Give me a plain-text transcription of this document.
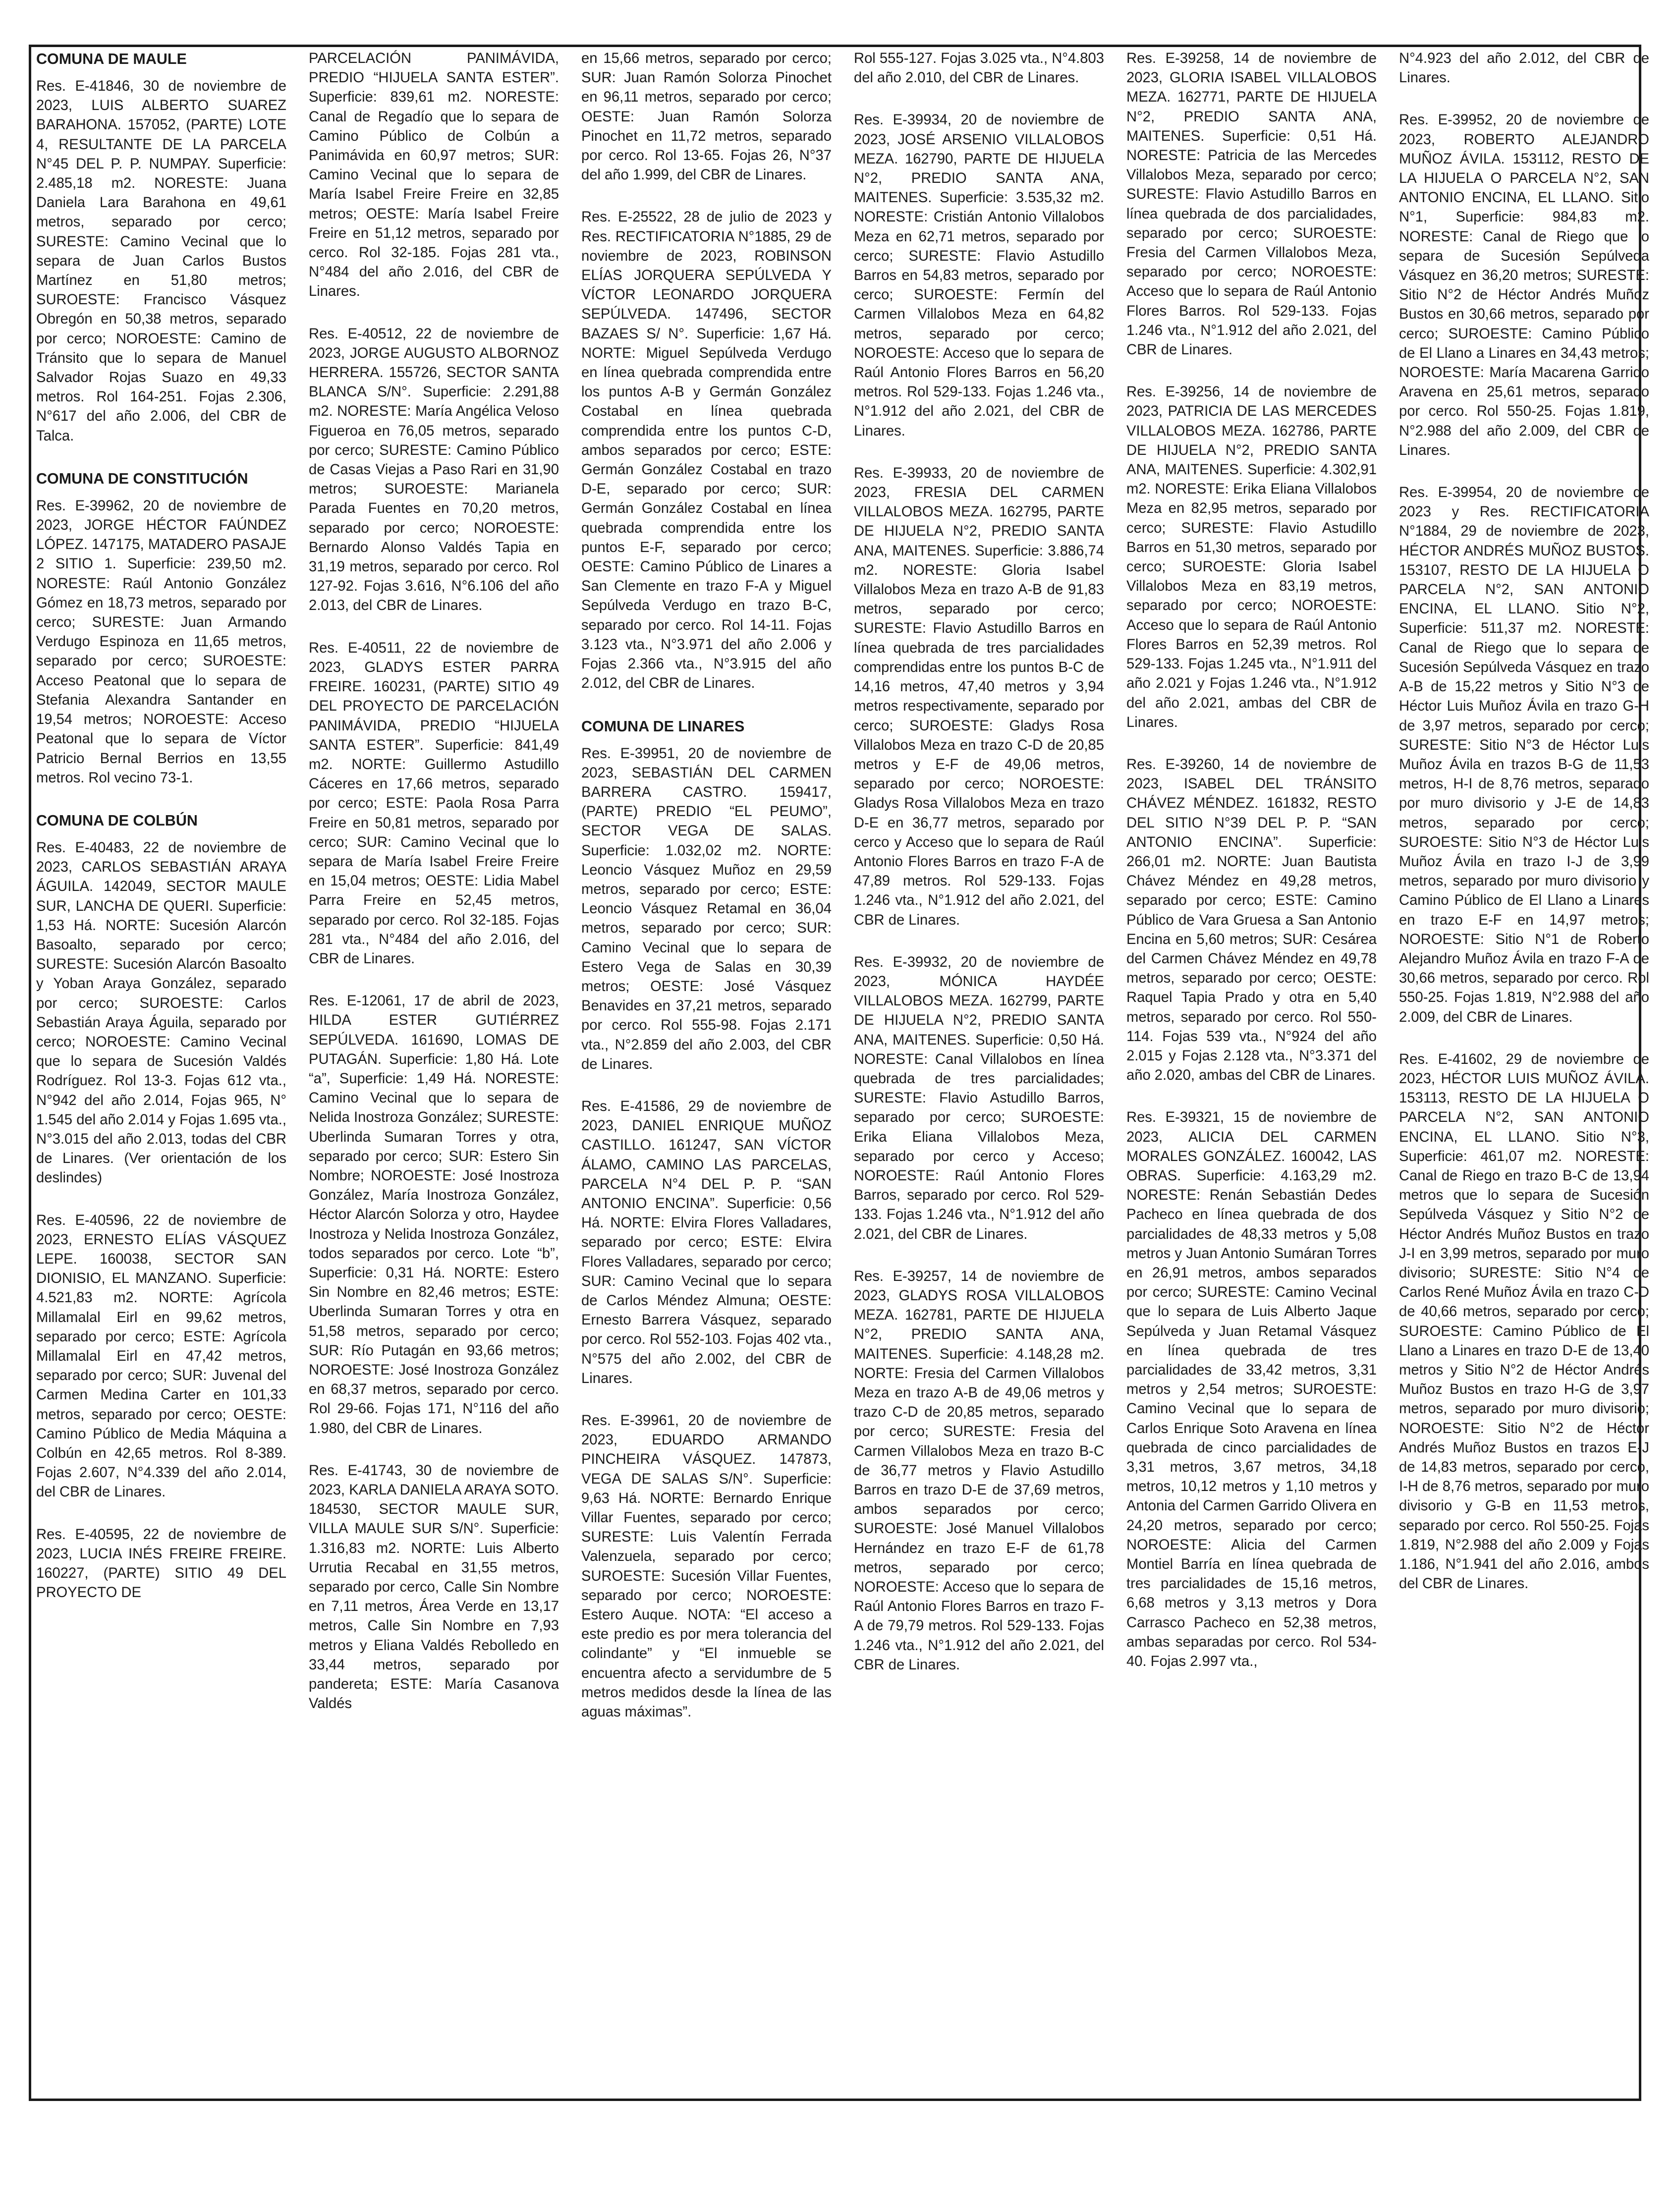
COMUNA DE MAULE
Res. E-41846, 30 de noviembre de 2023, LUIS ALBERTO SUAREZ BARAHONA. 157052, (PARTE) LOTE 4, RESULTANTE DE LA PARCELA N°45 DEL P. P. NUMPAY. Superficie: 2.485,18 m2. NORESTE: Juana Daniela Lara Barahona en 49,61 metros, separado por cerco; SURESTE: Camino Vecinal que lo separa de Juan Carlos Bustos Martínez en 51,80 metros; SUROESTE: Francisco Vásquez Obregón en 50,38 metros, separado por cerco; NOROESTE: Camino de Tránsito que lo separa de Manuel Salvador Rojas Suazo en 49,33 metros. Rol 164-251. Fojas 2.306, N°617 del año 2.006, del CBR de Talca.
COMUNA DE CONSTITUCIÓN
Res. E-39962, 20 de noviembre de 2023, JORGE HÉCTOR FAÚNDEZ LÓPEZ. 147175, MATADERO PASAJE 2 SITIO 1. Superficie: 239,50 m2. NORESTE: Raúl Antonio González Gómez en 18,73 metros, separado por cerco; SURESTE: Juan Armando Verdugo Espinoza en 11,65 metros, separado por cerco; SUROESTE: Acceso Peatonal que lo separa de Stefania Alexandra Santander en 19,54 metros; NOROESTE: Acceso Peatonal que lo separa de Víctor Patricio Bernal Berrios en 13,55 metros. Rol vecino 73-1.
COMUNA DE COLBÚN
Res. E-40483, 22 de noviembre de 2023, CARLOS SEBASTIÁN ARAYA ÁGUILA. 142049, SECTOR MAULE SUR, LANCHA DE QUERI. Superficie: 1,53 Há. NORTE: Sucesión Alarcón Basoalto, separado por cerco; SURESTE: Sucesión Alarcón Basoalto y Yoban Araya González, separado por cerco; SUROESTE: Carlos Sebastián Araya Águila, separado por cerco; NOROESTE: Camino Vecinal que lo separa de Sucesión Valdés Rodríguez. Rol 13-3. Fojas 612 vta., N°942 del año 2.014, Fojas 965, N° 1.545 del año 2.014 y Fojas 1.695 vta., N°3.015 del año 2.013, todas del CBR de Linares. (Ver orientación de los deslindes)
Res. E-40596, 22 de noviembre de 2023, ERNESTO ELÍAS VÁSQUEZ LEPE. 160038, SECTOR SAN DIONISIO, EL MANZANO. Superficie: 4.521,83 m2. NORTE: Agrícola Millamalal Eirl en 99,62 metros, separado por cerco; ESTE: Agrícola Millamalal Eirl en 47,42 metros, separado por cerco; SUR: Juvenal del Carmen Medina Carter en 101,33 metros, separado por cerco; OESTE: Camino Público de Media Máquina a Colbún en 42,65 metros. Rol 8-389. Fojas 2.607, N°4.339 del año 2.014, del CBR de Linares.
Res. E-40595, 22 de noviembre de 2023, LUCIA INÉS FREIRE FREIRE. 160227, (PARTE) SITIO 49 DEL PROYECTO DE
PARCELACIÓN PANIMÁVIDA, PREDIO “HIJUELA SANTA ESTER”. Superficie: 839,61 m2. NORESTE: Canal de Regadío que lo separa de Camino Público de Colbún a Panimávida en 60,97 metros; SUR: Camino Vecinal que lo separa de María Isabel Freire Freire en 32,85 metros; OESTE: María Isabel Freire Freire en 51,12 metros, separado por cerco. Rol 32-185. Fojas 281 vta., N°484 del año 2.016, del CBR de Linares.
Res. E-40512, 22 de noviembre de 2023, JORGE AUGUSTO ALBORNOZ HERRERA. 155726, SECTOR SANTA BLANCA S/N°. Superficie: 2.291,88 m2. NORESTE: María Angélica Veloso Figueroa en 76,05 metros, separado por cerco; SURESTE: Camino Público de Casas Viejas a Paso Rari en 31,90 metros; SUROESTE: Marianela Parada Fuentes en 70,20 metros, separado por cerco; NOROESTE: Bernardo Alonso Valdés Tapia en 31,19 metros, separado por cerco. Rol 127-92. Fojas 3.616, N°6.106 del año 2.013, del CBR de Linares.
Res. E-40511, 22 de noviembre de 2023, GLADYS ESTER PARRA FREIRE. 160231, (PARTE) SITIO 49 DEL PROYECTO DE PARCELACIÓN PANIMÁVIDA, PREDIO “HIJUELA SANTA ESTER”. Superficie: 841,49 m2. NORTE: Guillermo Astudillo Cáceres en 17,66 metros, separado por cerco; ESTE: Paola Rosa Parra Freire en 50,81 metros, separado por cerco; SUR: Camino Vecinal que lo separa de María Isabel Freire Freire en 15,04 metros; OESTE: Lidia Mabel Parra Freire en 52,45 metros, separado por cerco. Rol 32-185. Fojas 281 vta., N°484 del año 2.016, del CBR de Linares.
Res. E-12061, 17 de abril de 2023, HILDA ESTER GUTIÉRREZ SEPÚLVEDA. 161690, LOMAS DE PUTAGÁN. Superficie: 1,80 Há. Lote “a”, Superficie: 1,49 Há. NORESTE: Camino Vecinal que lo separa de Nelida Inostroza González; SURESTE: Uberlinda Sumaran Torres y otra, separado por cerco; SUR: Estero Sin Nombre; NOROESTE: José Inostroza González, María Inostroza González, Héctor Alarcón Solorza y otro, Haydee Inostroza y Nelida Inostroza González, todos separados por cerco. Lote “b”, Superficie: 0,31 Há. NORTE: Estero Sin Nombre en 82,46 metros; ESTE: Uberlinda Sumaran Torres y otra en 51,58 metros, separado por cerco; SUR: Río Putagán en 93,66 metros; NOROESTE: José Inostroza González en 68,37 metros, separado por cerco. Rol 29-66. Fojas 171, N°116 del año 1.980, del CBR de Linares.
Res. E-41743, 30 de noviembre de 2023, KARLA DANIELA ARAYA SOTO. 184530, SECTOR MAULE SUR, VILLA MAULE SUR S/N°. Superficie: 1.316,83 m2. NORTE: Luis Alberto Urrutia Recabal en 31,55 metros, separado por cerco, Calle Sin Nombre en 7,11 metros, Área Verde en 13,17 metros, Calle Sin Nombre en 7,93 metros y Eliana Valdés Rebolledo en 33,44 metros, separado por pandereta; ESTE: María Casanova Valdés
en 15,66 metros, separado por cerco; SUR: Juan Ramón Solorza Pinochet en 96,11 metros, separado por cerco; OESTE: Juan Ramón Solorza Pinochet en 11,72 metros, separado por cerco. Rol 13-65. Fojas 26, N°37 del año 1.999, del CBR de Linares.
Res. E-25522, 28 de julio de 2023 y Res. RECTIFICATORIA N°1885, 29 de noviembre de 2023, ROBINSON ELÍAS JORQUERA SEPÚLVEDA Y VÍCTOR LEONARDO JORQUERA SEPÚLVEDA. 147496, SECTOR BAZAES S/ N°. Superficie: 1,67 Há. NORTE: Miguel Sepúlveda Verdugo en línea quebrada comprendida entre los puntos A-B y Germán González Costabal en línea quebrada comprendida entre los puntos C-D, ambos separados por cerco; ESTE: Germán González Costabal en trazo D-E, separado por cerco; SUR: Germán González Costabal en línea quebrada comprendida entre los puntos E-F, separado por cerco; OESTE: Camino Público de Linares a San Clemente en trazo F-A y Miguel Sepúlveda Verdugo en trazo B-C, separado por cerco. Rol 14-11. Fojas 3.123 vta., N°3.971 del año 2.006 y Fojas 2.366 vta., N°3.915 del año 2.012, del CBR de Linares.
COMUNA DE LINARES
Res. E-39951, 20 de noviembre de 2023, SEBASTIÁN DEL CARMEN BARRERA CASTRO. 159417, (PARTE) PREDIO “EL PEUMO”, SECTOR VEGA DE SALAS. Superficie: 1.032,02 m2. NORTE: Leoncio Vásquez Muñoz en 29,59 metros, separado por cerco; ESTE: Leoncio Vásquez Retamal en 36,04 metros, separado por cerco; SUR: Camino Vecinal que lo separa de Estero Vega de Salas en 30,39 metros; OESTE: José Vásquez Benavides en 37,21 metros, separado por cerco. Rol 555-98. Fojas 2.171 vta., N°2.859 del año 2.003, del CBR de Linares.
Res. E-41586, 29 de noviembre de 2023, DANIEL ENRIQUE MUÑOZ CASTILLO. 161247, SAN VÍCTOR ÁLAMO, CAMINO LAS PARCELAS, PARCELA N°4 DEL P. P. “SAN ANTONIO ENCINA”. Superficie: 0,56 Há. NORTE: Elvira Flores Valladares, separado por cerco; ESTE: Elvira Flores Valladares, separado por cerco; SUR: Camino Vecinal que lo separa de Carlos Méndez Almuna; OESTE: Ernesto Barrera Vásquez, separado por cerco. Rol 552-103. Fojas 402 vta., N°575 del año 2.002, del CBR de Linares.
Res. E-39961, 20 de noviembre de 2023, EDUARDO ARMANDO PINCHEIRA VÁSQUEZ. 147873, VEGA DE SALAS S/N°. Superficie: 9,63 Há. NORTE: Bernardo Enrique Villar Fuentes, separado por cerco; SURESTE: Luis Valentín Ferrada Valenzuela, separado por cerco; SUROESTE: Sucesión Villar Fuentes, separado por cerco; NOROESTE: Estero Auque. NOTA: “El acceso a este predio es por mera tolerancia del colindante” y “El inmueble se encuentra afecto a servidumbre de 5 metros medidos desde la línea de las aguas máximas”.
Rol 555-127. Fojas 3.025 vta., N°4.803 del año 2.010, del CBR de Linares.
Res. E-39934, 20 de noviembre de 2023, JOSÉ ARSENIO VILLALOBOS MEZA. 162790, PARTE DE HIJUELA N°2, PREDIO SANTA ANA, MAITENES. Superficie: 3.535,32 m2. NORESTE: Cristián Antonio Villalobos Meza en 62,71 metros, separado por cerco; SURESTE: Flavio Astudillo Barros en 54,83 metros, separado por cerco; SUROESTE: Fermín del Carmen Villalobos Meza en 64,82 metros, separado por cerco; NOROESTE: Acceso que lo separa de Raúl Antonio Flores Barros en 56,20 metros. Rol 529-133. Fojas 1.246 vta., N°1.912 del año 2.021, del CBR de Linares.
Res. E-39933, 20 de noviembre de 2023, FRESIA DEL CARMEN VILLALOBOS MEZA. 162795, PARTE DE HIJUELA N°2, PREDIO SANTA ANA, MAITENES. Superficie: 3.886,74 m2. NORESTE: Gloria Isabel Villalobos Meza en trazo A-B de 91,83 metros, separado por cerco; SURESTE: Flavio Astudillo Barros en línea quebrada de tres parcialidades comprendidas entre los puntos B-C de 14,16 metros, 47,40 metros y 3,94 metros respectivamente, separado por cerco; SUROESTE: Gladys Rosa Villalobos Meza en trazo C-D de 20,85 metros y E-F de 49,06 metros, separado por cerco; NOROESTE: Gladys Rosa Villalobos Meza en trazo D-E en 36,77 metros, separado por cerco y Acceso que lo separa de Raúl Antonio Flores Barros en trazo F-A de 47,89 metros. Rol 529-133. Fojas 1.246 vta., N°1.912 del año 2.021, del CBR de Linares.
Res. E-39932, 20 de noviembre de 2023, MÓNICA HAYDÉE VILLALOBOS MEZA. 162799, PARTE DE HIJUELA N°2, PREDIO SANTA ANA, MAITENES. Superficie: 0,50 Há. NORESTE: Canal Villalobos en línea quebrada de tres parcialidades; SURESTE: Flavio Astudillo Barros, separado por cerco; SUROESTE: Erika Eliana Villalobos Meza, separado por cerco y Acceso; NOROESTE: Raúl Antonio Flores Barros, separado por cerco. Rol 529-133. Fojas 1.246 vta., N°1.912 del año 2.021, del CBR de Linares.
Res. E-39257, 14 de noviembre de 2023, GLADYS ROSA VILLALOBOS MEZA. 162781, PARTE DE HIJUELA N°2, PREDIO SANTA ANA, MAITENES. Superficie: 4.148,28 m2. NORTE: Fresia del Carmen Villalobos Meza en trazo A-B de 49,06 metros y trazo C-D de 20,85 metros, separado por cerco; SURESTE: Fresia del Carmen Villalobos Meza en trazo B-C de 36,77 metros y Flavio Astudillo Barros en trazo D-E de 37,69 metros, ambos separados por cerco; SUROESTE: José Manuel Villalobos Hernández en trazo E-F de 61,78 metros, separado por cerco; NOROESTE: Acceso que lo separa de Raúl Antonio Flores Barros en trazo F-A de 79,79 metros. Rol 529-133. Fojas 1.246 vta., N°1.912 del año 2.021, del CBR de Linares.
Res. E-39258, 14 de noviembre de 2023, GLORIA ISABEL VILLALOBOS MEZA. 162771, PARTE DE HIJUELA N°2, PREDIO SANTA ANA, MAITENES. Superficie: 0,51 Há. NORESTE: Patricia de las Mercedes Villalobos Meza, separado por cerco; SURESTE: Flavio Astudillo Barros en línea quebrada de dos parcialidades, separado por cerco; SUROESTE: Fresia del Carmen Villalobos Meza, separado por cerco; NOROESTE: Acceso que lo separa de Raúl Antonio Flores Barros. Rol 529-133. Fojas 1.246 vta., N°1.912 del año 2.021, del CBR de Linares.
Res. E-39256, 14 de noviembre de 2023, PATRICIA DE LAS MERCEDES VILLALOBOS MEZA. 162786, PARTE DE HIJUELA N°2, PREDIO SANTA ANA, MAITENES. Superficie: 4.302,91 m2. NORESTE: Erika Eliana Villalobos Meza en 82,95 metros, separado por cerco; SURESTE: Flavio Astudillo Barros en 51,30 metros, separado por cerco; SUROESTE: Gloria Isabel Villalobos Meza en 83,19 metros, separado por cerco; NOROESTE: Acceso que lo separa de Raúl Antonio Flores Barros en 52,39 metros. Rol 529-133. Fojas 1.245 vta., N°1.911 del año 2.021 y Fojas 1.246 vta., N°1.912 del año 2.021, ambas del CBR de Linares.
Res. E-39260, 14 de noviembre de 2023, ISABEL DEL TRÁNSITO CHÁVEZ MÉNDEZ. 161832, RESTO DEL SITIO N°39 DEL P. P. “SAN ANTONIO ENCINA”. Superficie: 266,01 m2. NORTE: Juan Bautista Chávez Méndez en 49,28 metros, separado por cerco; ESTE: Camino Público de Vara Gruesa a San Antonio Encina en 5,60 metros; SUR: Cesárea del Carmen Chávez Méndez en 49,78 metros, separado por cerco; OESTE: Raquel Tapia Prado y otra en 5,40 metros, separado por cerco. Rol 550-114. Fojas 539 vta., N°924 del año 2.015 y Fojas 2.128 vta., N°3.371 del año 2.020, ambas del CBR de Linares.
Res. E-39321, 15 de noviembre de 2023, ALICIA DEL CARMEN MORALES GONZÁLEZ. 160042, LAS OBRAS. Superficie: 4.163,29 m2. NORESTE: Renán Sebastián Dedes Pacheco en línea quebrada de dos parcialidades de 48,33 metros y 5,08 metros y Juan Antonio Sumáran Torres en 26,91 metros, ambos separados por cerco; SURESTE: Camino Vecinal que lo separa de Luis Alberto Jaque Sepúlveda y Juan Retamal Vásquez en línea quebrada de tres parcialidades de 33,42 metros, 3,31 metros y 2,54 metros; SUROESTE: Camino Vecinal que lo separa de Carlos Enrique Soto Aravena en línea quebrada de cinco parcialidades de 3,31 metros, 3,67 metros, 34,18 metros, 10,12 metros y 1,10 metros y Antonia del Carmen Garrido Olivera en 24,20 metros, separado por cerco; NOROESTE: Alicia del Carmen Montiel Barría en línea quebrada de tres parcialidades de 15,16 metros, 6,68 metros y 3,13 metros y Dora Carrasco Pacheco en 52,38 metros, ambas separadas por cerco. Rol 534-40. Fojas 2.997 vta.,
N°4.923 del año 2.012, del CBR de Linares.
Res. E-39952, 20 de noviembre de 2023, ROBERTO ALEJANDRO MUÑOZ ÁVILA. 153112, RESTO DE LA HIJUELA O PARCELA N°2, SAN ANTONIO ENCINA, EL LLANO. Sitio N°1, Superficie: 984,83 m2. NORESTE: Canal de Riego que lo separa de Sucesión Sepúlveda Vásquez en 36,20 metros; SURESTE: Sitio N°2 de Héctor Andrés Muñoz Bustos en 30,66 metros, separado por cerco; SUROESTE: Camino Público de El Llano a Linares en 34,43 metros; NOROESTE: María Macarena Garrido Aravena en 25,61 metros, separado por cerco. Rol 550-25. Fojas 1.819, N°2.988 del año 2.009, del CBR de Linares.
Res. E-39954, 20 de noviembre de 2023 y Res. RECTIFICATORIA N°1884, 29 de noviembre de 2023, HÉCTOR ANDRÉS MUÑOZ BUSTOS. 153107, RESTO DE LA HIJUELA O PARCELA N°2, SAN ANTONIO ENCINA, EL LLANO. Sitio N°2, Superficie: 511,37 m2. NORESTE: Canal de Riego que lo separa de Sucesión Sepúlveda Vásquez en trazo A-B de 15,22 metros y Sitio N°3 de Héctor Luis Muñoz Ávila en trazo G-H de 3,97 metros, separado por cerco; SURESTE: Sitio N°3 de Héctor Luis Muñoz Ávila en trazos B-G de 11,53 metros, H-I de 8,76 metros, separado por muro divisorio y J-E de 14,83 metros, separado por cerco; SUROESTE: Sitio N°3 de Héctor Luis Muñoz Ávila en trazo I-J de 3,99 metros, separado por muro divisorio y Camino Público de El Llano a Linares en trazo E-F en 14,97 metros; NOROESTE: Sitio N°1 de Roberto Alejandro Muñoz Ávila en trazo F-A de 30,66 metros, separado por cerco. Rol 550-25. Fojas 1.819, N°2.988 del año 2.009, del CBR de Linares.
Res. E-41602, 29 de noviembre de 2023, HÉCTOR LUIS MUÑOZ ÁVILA. 153113, RESTO DE LA HIJUELA O PARCELA N°2, SAN ANTONIO ENCINA, EL LLANO. Sitio N°3, Superficie: 461,07 m2. NORESTE: Canal de Riego en trazo B-C de 13,94 metros que lo separa de Sucesión Sepúlveda Vásquez y Sitio N°2 de Héctor Andrés Muñoz Bustos en trazo J-I en 3,99 metros, separado por muro divisorio; SURESTE: Sitio N°4 de Carlos René Muñoz Ávila en trazo C-D de 40,66 metros, separado por cerco; SUROESTE: Camino Público de El Llano a Linares en trazo D-E de 13,40 metros y Sitio N°2 de Héctor Andrés Muñoz Bustos en trazo H-G de 3,97 metros, separado por muro divisorio; NOROESTE: Sitio N°2 de Héctor Andrés Muñoz Bustos en trazos E-J de 14,83 metros, separado por cerco, I-H de 8,76 metros, separado por muro divisorio y G-B en 11,53 metros, separado por cerco. Rol 550-25. Fojas 1.819, N°2.988 del año 2.009 y Fojas 1.186, N°1.941 del año 2.016, ambos del CBR de Linares.
